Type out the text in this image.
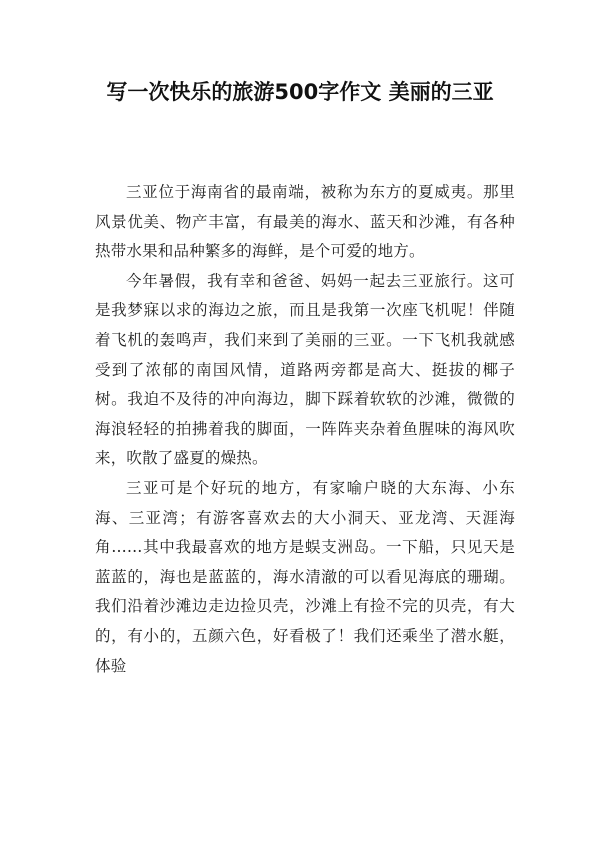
写一次快乐的旅游500字作文 美丽的三亚

三亚位于海南省的最南端，被称为东方的夏威夷。那里风景优美、物产丰富，有最美的海水、蓝天和沙滩，有各种热带水果和品种繁多的海鲜，是个可爱的地方。

今年暑假，我有幸和爸爸、妈妈一起去三亚旅行。这可是我梦寐以求的海边之旅，而且是我第一次座飞机呢！伴随着飞机的轰鸣声，我们来到了美丽的三亚。一下飞机我就感受到了浓郁的南国风情，道路两旁都是高大、挺拔的椰子树。我迫不及待的冲向海边，脚下踩着软软的沙滩，微微的海浪轻轻的拍拂着我的脚面，一阵阵夹杂着鱼腥味的海风吹来，吹散了盛夏的燥热。

三亚可是个好玩的地方，有家喻户晓的大东海、小东海、三亚湾；有游客喜欢去的大小洞天、亚龙湾、天涯海角……其中我最喜欢的地方是蜈支洲岛。一下船，只见天是蓝蓝的，海也是蓝蓝的，海水清澈的可以看见海底的珊瑚。我们沿着沙滩边走边捡贝壳，沙滩上有捡不完的贝壳，有大的，有小的，五颜六色，好看极了！我们还乘坐了潜水艇，体验
